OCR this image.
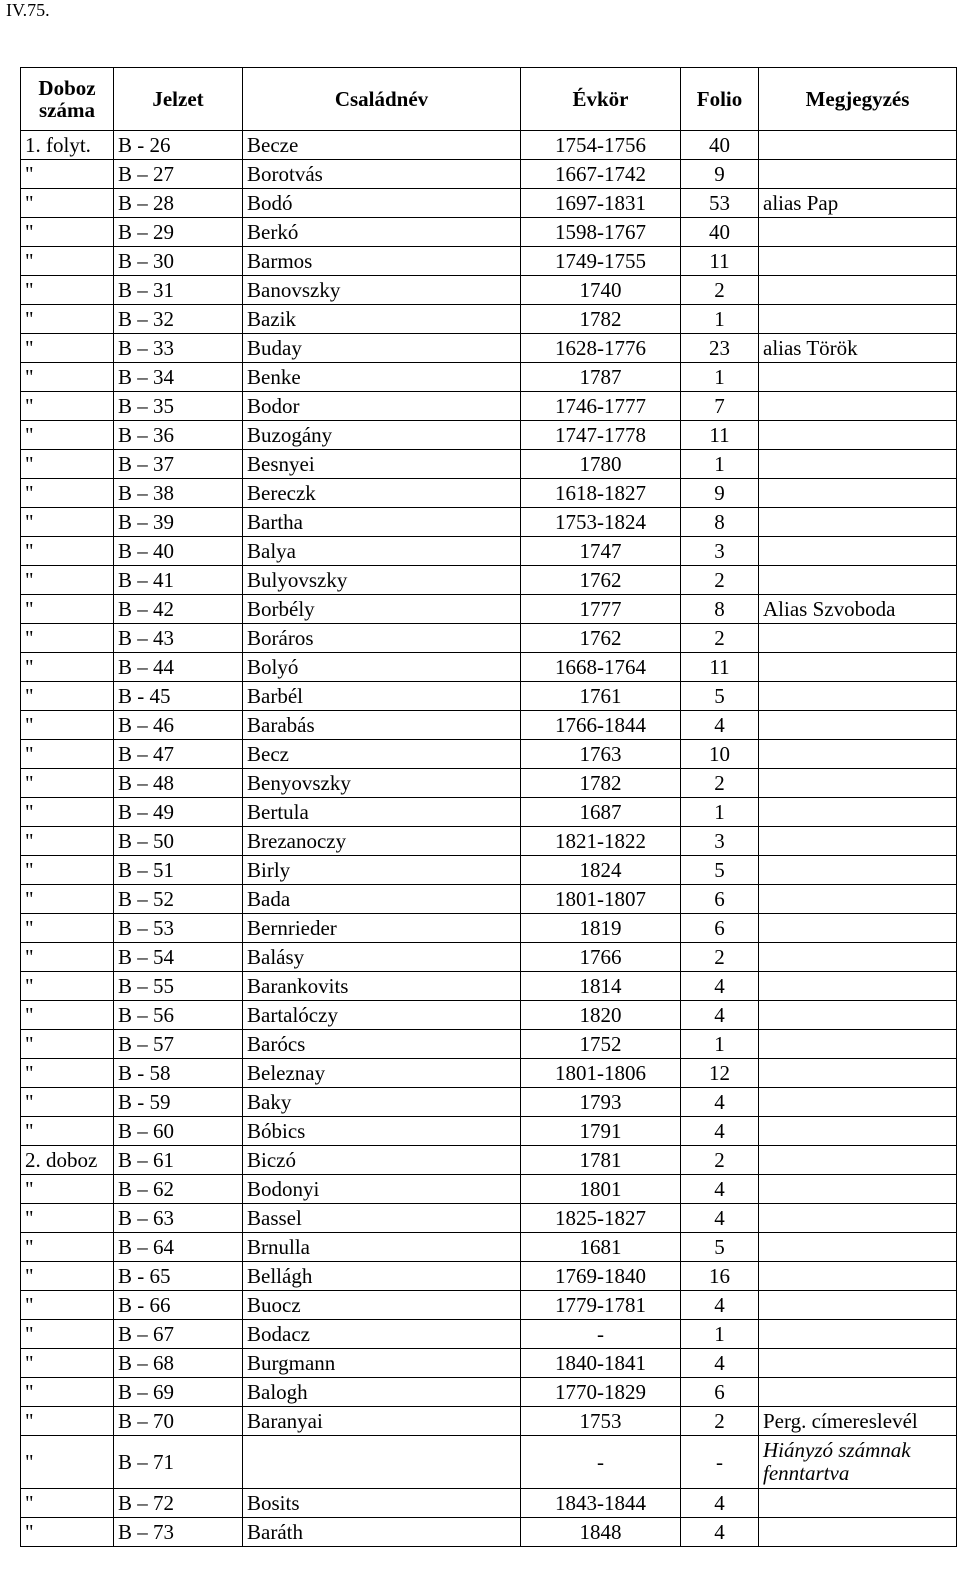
IV.75.
Doboz
száma	Jelzet	Családnév	Évkör	Folio	Megjegyzés
1. folyt.	B - 26	Becze	1754-1756	40	
"	B – 27	Borotvás	1667-1742	9	
"	B – 28	Bodó	1697-1831	53	alias Pap
"	B – 29	Berkó	1598-1767	40	
"	B – 30	Barmos	1749-1755	11	
"	B – 31	Banovszky	1740	2	
"	B – 32	Bazik	1782	1	
"	B – 33	Buday	1628-1776	23	alias Török
"	B – 34	Benke	1787	1	
"	B – 35	Bodor	1746-1777	7	
"	B – 36	Buzogány	1747-1778	11	
"	B – 37	Besnyei	1780	1	
"	B – 38	Bereczk	1618-1827	9	
"	B – 39	Bartha	1753-1824	8	
"	B – 40	Balya	1747	3	
"	B – 41	Bulyovszky	1762	2	
"	B – 42	Borbély	1777	8	Alias Szvoboda
"	B – 43	Boráros	1762	2	
"	B – 44	Bolyó	1668-1764	11	
"	B - 45	Barbél	1761	5	
"	B – 46	Barabás	1766-1844	4	
"	B – 47	Becz	1763	10	
"	B – 48	Benyovszky	1782	2	
"	B – 49	Bertula	1687	1	
"	B – 50	Brezanoczy	1821-1822	3	
"	B – 51	Birly	1824	5	
"	B – 52	Bada	1801-1807	6	
"	B – 53	Bernrieder	1819	6	
"	B – 54	Balásy	1766	2	
"	B – 55	Barankovits	1814	4	
"	B – 56	Bartalóczy	1820	4	
"	B – 57	Barócs	1752	1	
"	B - 58	Beleznay	1801-1806	12	
"	B - 59	Baky	1793	4	
"	B – 60	Bóbics	1791	4	
2. doboz	B – 61	Biczó	1781	2	
"	B – 62	Bodonyi	1801	4	
"	B – 63	Bassel	1825-1827	4	
"	B – 64	Brnulla	1681	5	
"	B - 65	Bellágh	1769-1840	16	
"	B - 66	Buocz	1779-1781	4	
"	B – 67	Bodacz	-	1	
"	B – 68	Burgmann	1840-1841	4	
"	B – 69	Balogh	1770-1829	6	
"	B – 70	Baranyai	1753	2	Perg. címereslevél
"	B – 71		-	-	Hiányzó számnak fenntartva
"	B – 72	Bosits	1843-1844	4	
"	B – 73	Baráth	1848	4	
